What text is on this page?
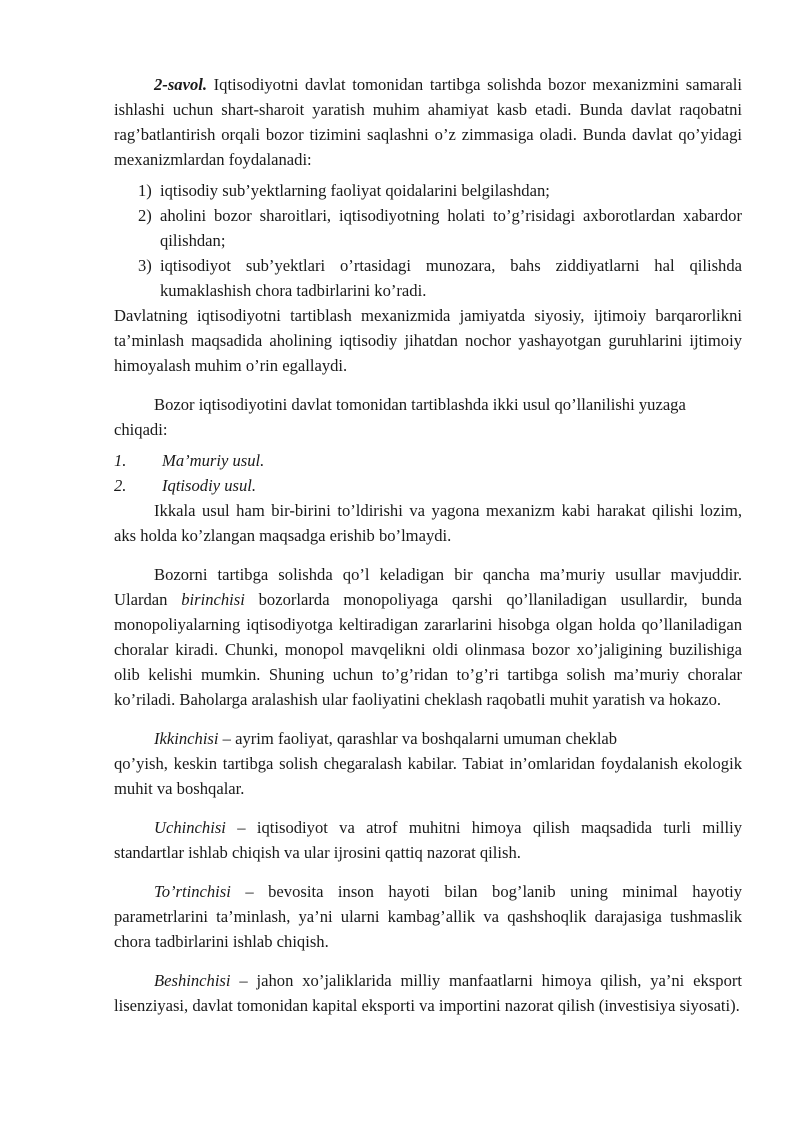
2-savol. Iqtisodiyotni davlat tomonidan tartibga solishda bozor mexanizmini samarali ishlashi uchun shart-sharoit yaratish muhim ahamiyat kasb etadi. Bunda davlat raqobatni rag’batlantirish orqali bozor tizimini saqlashni o’z zimmasiga oladi. Bunda davlat qo’yidagi mexanizmlardan foydalanadi:

1) iqtisodiy sub’yektlarning faoliyat qoidalarini belgilashdan;
2) aholini bozor sharoitlari, iqtisodiyotning holati to’g’risidagi axborotlardan xabardor qilishdan;
3) iqtisodiyot sub’yektlari o’rtasidagi munozara, bahs ziddiyatlarni hal qilishda kumaklashish chora tadbirlarini ko’radi.

Davlatning iqtisodiyotni tartiblash mexanizmida jamiyatda siyosiy, ijtimoiy barqarorlikni ta’minlash maqsadida aholining iqtisodiy jihatdan nochor yashayotgan guruhlarini ijtimoiy himoyalash muhim o’rin egallaydi.

Bozor iqtisodiyotini davlat tomonidan tartiblashda ikki usul qo’llanilishi yuzaga chiqadi:

1.	Ma’muriy usul.
2.	Iqtisodiy usul.

Ikkala usul ham bir-birini to’ldirishi va yagona mexanizm kabi harakat qilishi lozim, aks holda ko’zlangan maqsadga erishib bo’lmaydi.

Bozorni tartibga solishda qo’l keladigan bir qancha ma’muriy usullar mavjuddir. Ulardan birinchisi bozorlarda monopoliyaga qarshi qo’llaniladigan usullardir, bunda monopoliyalarning iqtisodiyotga keltiradigan zararlarini hisobga olgan holda qo’llaniladigan choralar kiradi. Chunki, monopol mavqelikni oldi olinmasa bozor xo’jaligining buzilishiga olib kelishi mumkin. Shuning uchun to’g’ridan to’g’ri tartibga solish ma’muriy choralar ko’riladi. Baholarga aralashish ular faoliyatini cheklash raqobatli muhit yaratish va hokazo.

Ikkinchisi – ayrim faoliyat, qarashlar va boshqalarni umuman cheklab

qo’yish, keskin tartibga solish chegaralash kabilar. Tabiat in’omlaridan foydalanish ekologik muhit va boshqalar.

Uchinchisi – iqtisodiyot va atrof muhitni himoya qilish maqsadida turli milliy standartlar ishlab chiqish va ular ijrosini qattiq nazorat qilish.

To’rtinchisi – bevosita inson hayoti bilan bog’lanib uning minimal hayotiy parametrlarini ta’minlash, ya’ni ularni kambag’allik va qashshoqlik darajasiga tushmaslik chora tadbirlarini ishlab chiqish.

Beshinchisi – jahon xo’jaliklarida milliy manfaatlarni himoya qilish, ya’ni eksport lisenziyasi, davlat tomonidan kapital eksporti va importini nazorat qilish (investisiya siyosati).
